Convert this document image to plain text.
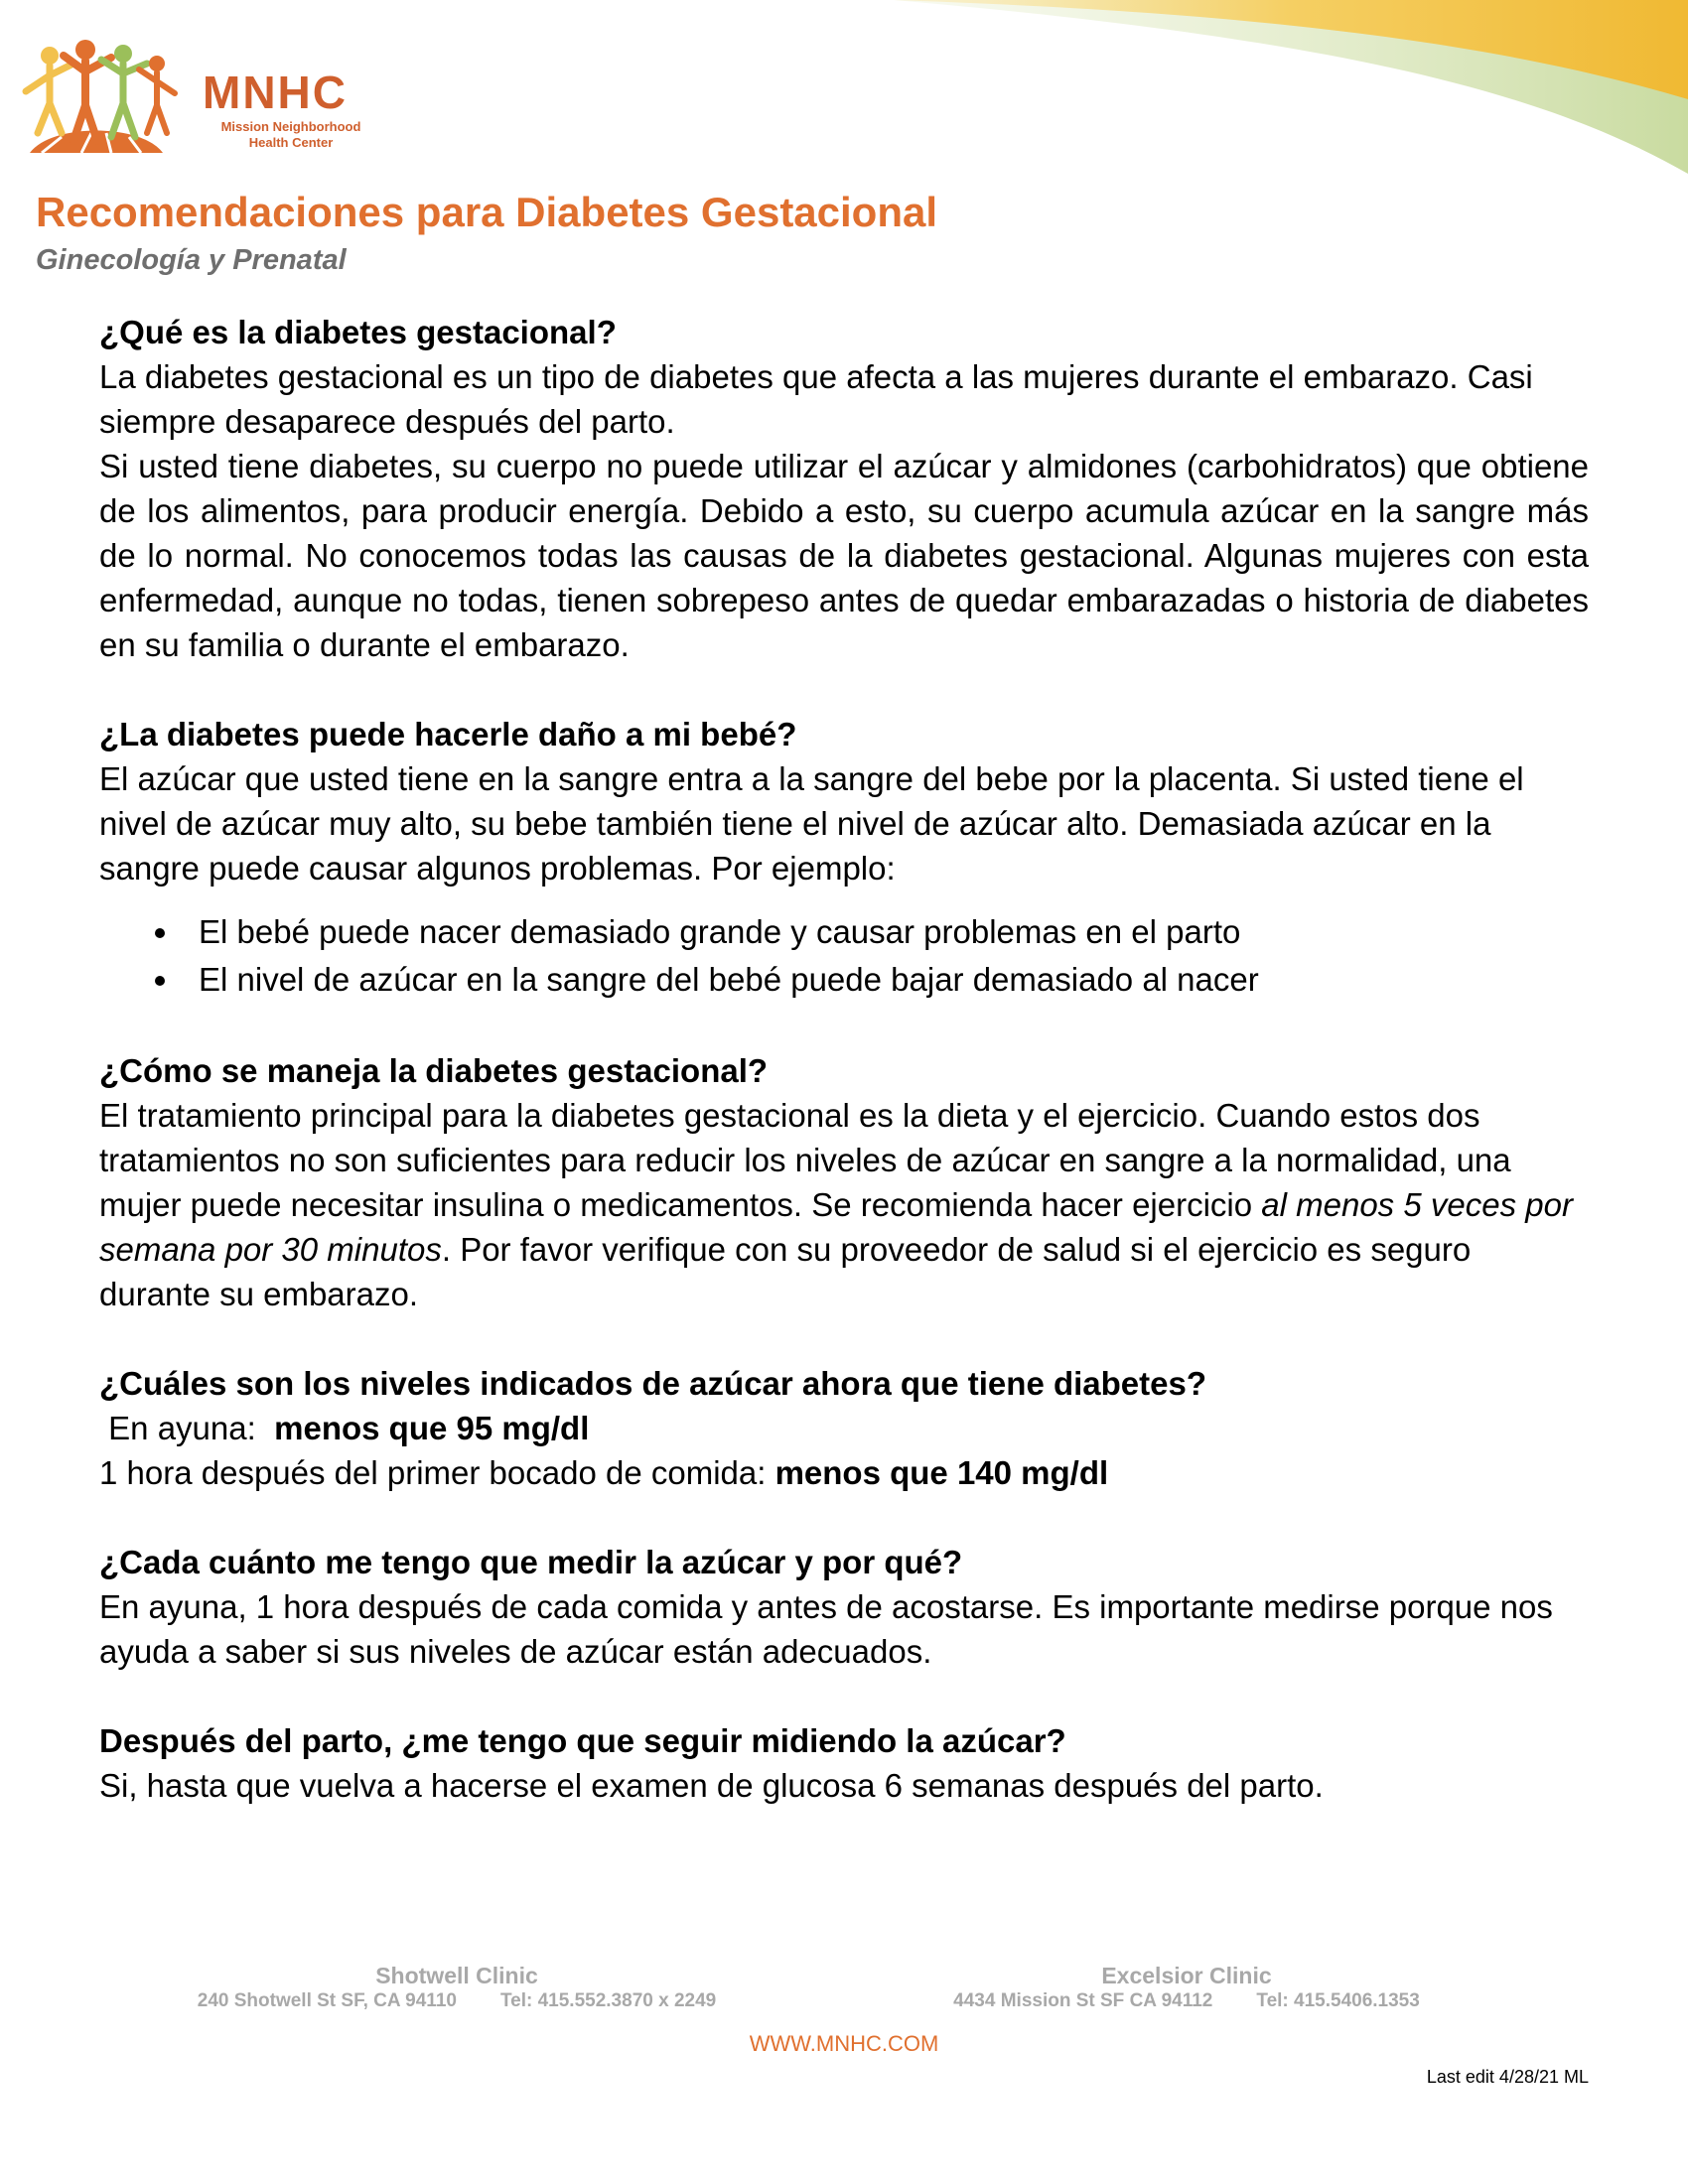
MNHC
Mission Neighborhood
Health Center
Recomendaciones para Diabetes Gestacional
Ginecología y Prenatal
¿Qué es la diabetes gestacional?

La diabetes gestacional es un tipo de diabetes que afecta a las mujeres durante el embarazo. Casi siempre desaparece después del parto.

Si usted tiene diabetes, su cuerpo no puede utilizar el azúcar y almidones (carbohidratos) que obtiene de los alimentos, para producir energía. Debido a esto, su cuerpo acumula azúcar en la sangre más de lo normal. No conocemos todas las causas de la diabetes gestacional. Algunas mujeres con esta enfermedad, aunque no todas, tienen sobrepeso antes de quedar embarazadas o historia de diabetes en su familia o durante el embarazo.

¿La diabetes puede hacerle daño a mi bebé?

El azúcar que usted tiene en la sangre entra a la sangre del bebe por la placenta. Si usted tiene el nivel de azúcar muy alto, su bebe también tiene el nivel de azúcar alto. Demasiada azúcar en la sangre puede causar algunos problemas. Por ejemplo:

El bebé puede nacer demasiado grande y causar problemas en el parto
El nivel de azúcar en la sangre del bebé puede bajar demasiado al nacer
¿Cómo se maneja la diabetes gestacional?

El tratamiento principal para la diabetes gestacional es la dieta y el ejercicio. Cuando estos dos tratamientos no son suficientes para reducir los niveles de azúcar en sangre a la normalidad, una mujer puede necesitar insulina o medicamentos. Se recomienda hacer ejercicio al menos 5 veces por semana por 30 minutos. Por favor verifique con su proveedor de salud si el ejercicio es seguro durante su embarazo.

¿Cuáles son los niveles indicados de azúcar ahora que tiene diabetes?

En ayuna:  menos que 95 mg/dl

1 hora después del primer bocado de comida: menos que 140 mg/dl

¿Cada cuánto me tengo que medir la azúcar y por qué?

En ayuna, 1 hora después de cada comida y antes de acostarse. Es importante medirse porque nos ayuda a saber si sus niveles de azúcar están adecuados.

Después del parto, ¿me tengo que seguir midiendo la azúcar?

Si, hasta que vuelva a hacerse el examen de glucosa 6 semanas después del parto.

Shotwell Clinic
240 Shotwell St SF, CA 94110 Tel: 415.552.3870 x 2249
Excelsior Clinic
4434 Mission St SF CA 94112 Tel: 415.5406.1353
WWW.MNHC.COM
Last edit 4/28/21 ML
